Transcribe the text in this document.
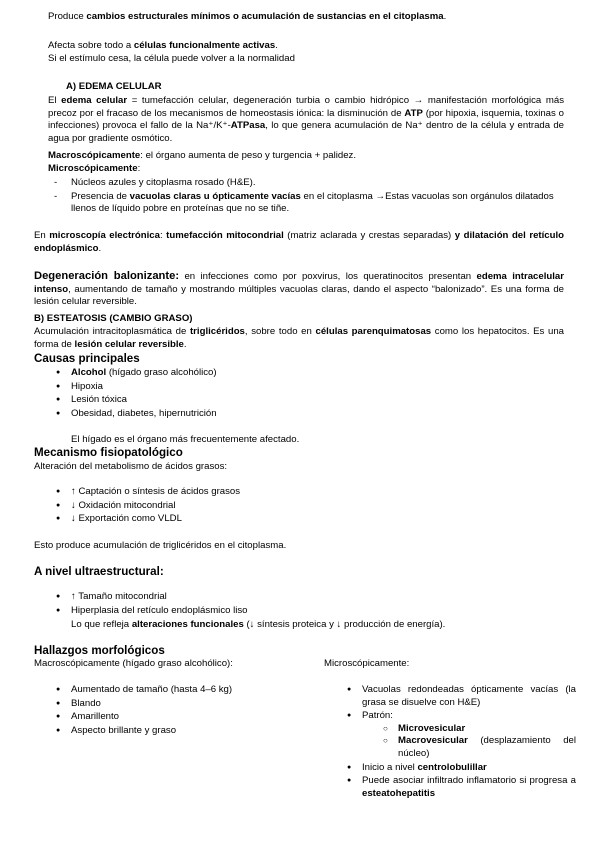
Produce cambios estructurales mínimos o acumulación de sustancias en el citoplasma.
Afecta sobre todo a células funcionalmente activas.
Si el estímulo cesa, la célula puede volver a la normalidad
A) EDEMA CELULAR
El edema celular = tumefacción celular, degeneración turbia o cambio hidrópico → manifestación morfológica más precoz por el fracaso de los mecanismos de homeostasis iónica: la disminución de ATP (por hipoxia, isquemia, toxinas o infecciones) provoca el fallo de la Na⁺/K⁺-ATPasa, lo que genera acumulación de Na⁺ dentro de la célula y entrada de agua por gradiente osmótico.
Macroscópicamente: el órgano aumenta de peso y turgencia + palidez.
Microscópicamente:
- Núcleos azules y citoplasma rosado (H&E).
- Presencia de vacuolas claras u ópticamente vacías en el citoplasma →Estas vacuolas son orgánulos dilatados llenos de líquido pobre en proteínas que no se tiñe.
En microscopía electrónica: tumefacción mitocondrial (matriz aclarada y crestas separadas) y dilatación del retículo endoplásmico.
Degeneración balonizante: en infecciones como por poxvirus, los queratinocitos presentan edema intracelular intenso, aumentando de tamaño y mostrando múltiples vacuolas claras, dando el aspecto “balonizado”. Es una forma de lesión celular reversible.
B) ESTEATOSIS (CAMBIO GRASO)
Acumulación intracitoplasmática de triglicéridos, sobre todo en células parenquimatosas como los hepatocitos. Es una forma de lesión celular reversible.
Causas principales
● Alcohol (hígado graso alcohólico)
● Hipoxia
● Lesión tóxica
● Obesidad, diabetes, hipernutrición
El hígado es el órgano más frecuentemente afectado.
Mecanismo fisiopatológico
Alteración del metabolismo de ácidos grasos:
● ↑ Captación o síntesis de ácidos grasos
● ↓ Oxidación mitocondrial
● ↓ Exportación como VLDL
Esto produce acumulación de triglicéridos en el citoplasma.
A nivel ultraestructural:
● ↑ Tamaño mitocondrial
● Hiperplasia del retículo endoplásmico liso
Lo que refleja alteraciones funcionales (↓ síntesis proteica y ↓ producción de energía).
Hallazgos morfológicos
Macroscópicamente (hígado graso alcohólico):
● Aumentado de tamaño (hasta 4–6 kg)
● Blando
● Amarillento
● Aspecto brillante y graso
Microscópicamente:
● Vacuolas redondeadas ópticamente vacías (la grasa se disuelve con H&E)
● Patrón:
○ Microvesicular
○ Macrovesicular (desplazamiento del núcleo)
● Inicio a nivel centrolobulillar
● Puede asociar infiltrado inflamatorio si progresa a esteatohepatitis
